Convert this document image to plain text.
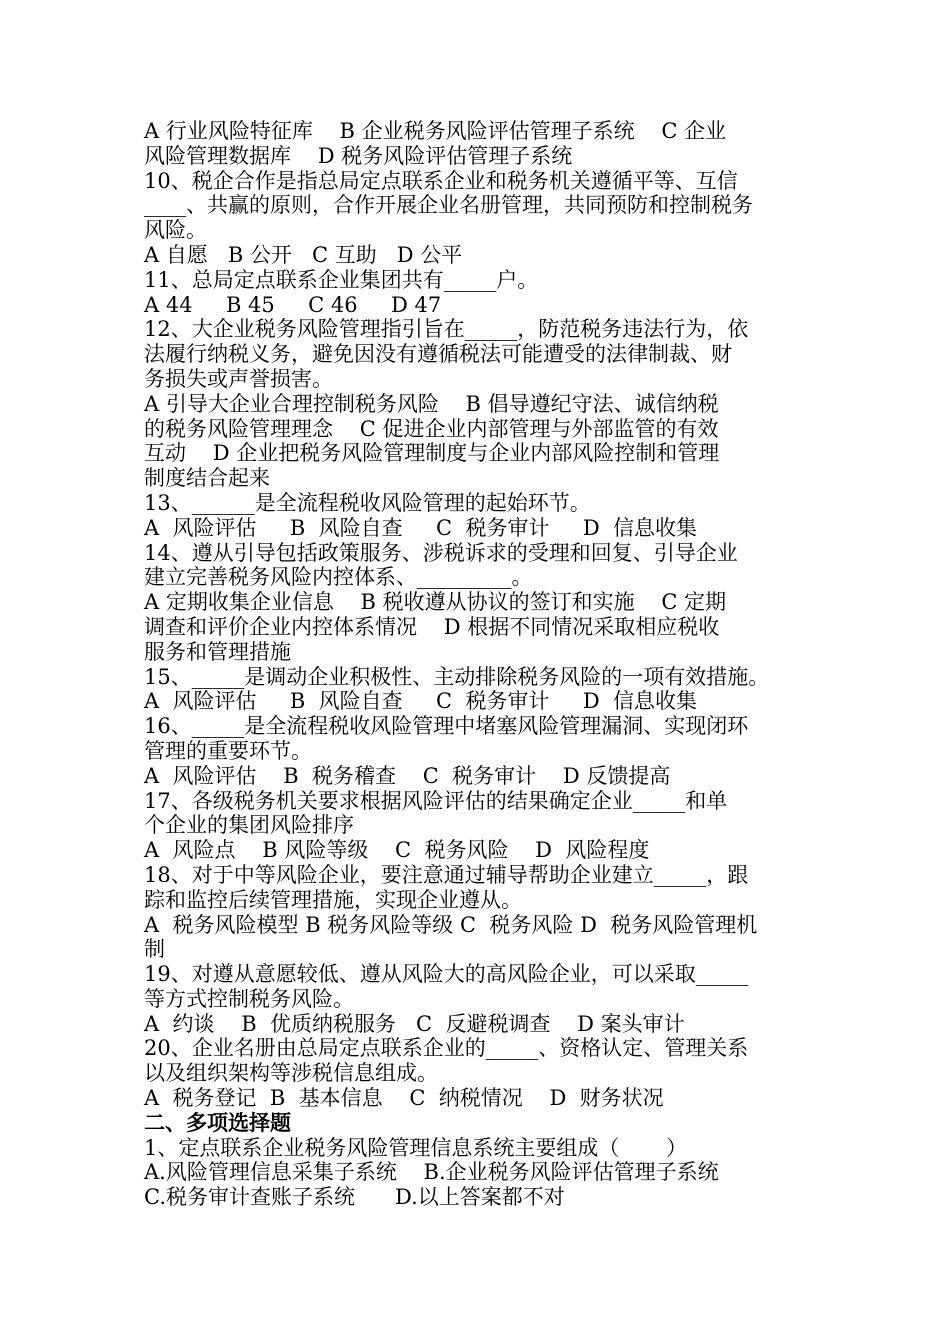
A 行业风险特征库    B 企业税务风险评估管理子系统    C 企业
风险管理数据库    D 税务风险评估管理子系统
10、税企合作是指总局定点联系企业和税务机关遵循平等、互信
____、共赢的原则，合作开展企业名册管理，共同预防和控制税务
风险。
A 自愿   B 公开   C 互助   D 公平
11、总局定点联系企业集团共有_____户。
A 44     B 45     C 46     D 47
12、大企业税务风险管理指引旨在_____，防范税务违法行为，依
法履行纳税义务，避免因没有遵循税法可能遭受的法律制裁、财
务损失或声誉损害。
A 引导大企业合理控制税务风险    B 倡导遵纪守法、诚信纳税
的税务风险管理理念    C 促进企业内部管理与外部监管的有效
互动    D 企业把税务风险管理制度与企业内部风险控制和管理
制度结合起来
13、______是全流程税收风险管理的起始环节。
A  风险评估     B  风险自查     C  税务审计     D  信息收集
14、遵从引导包括政策服务、涉税诉求的受理和回复、引导企业
建立完善税务风险内控体系、_________。
A 定期收集企业信息    B 税收遵从协议的签订和实施    C 定期
调查和评价企业内控体系情况    D 根据不同情况采取相应税收
服务和管理措施
15、_____是调动企业积极性、主动排除税务风险的一项有效措施。
A  风险评估     B  风险自查     C  税务审计     D  信息收集
16、_____是全流程税收风险管理中堵塞风险管理漏洞、实现闭环
管理的重要环节。
A  风险评估    B  税务稽查    C  税务审计    D 反馈提高
17、各级税务机关要求根据风险评估的结果确定企业_____和单
个企业的集团风险排序
A  风险点    B 风险等级    C  税务风险    D  风险程度
18、对于中等风险企业，要注意通过辅导帮助企业建立_____，跟
踪和监控后续管理措施，实现企业遵从。
A  税务风险模型 B 税务风险等级 C  税务风险 D  税务风险管理机
制
19、对遵从意愿较低、遵从风险大的高风险企业，可以采取_____
等方式控制税务风险。
A  约谈    B  优质纳税服务   C  反避税调查    D 案头审计
20、企业名册由总局定点联系企业的_____、资格认定、管理关系
以及组织架构等涉税信息组成。
A  税务登记  B  基本信息    C  纳税情况    D  财务状况
二、多项选择题
1、定点联系企业税务风险管理信息系统主要组成（       ）
A.风险管理信息采集子系统    B.企业税务风险评估管理子系统
C.税务审计查账子系统      D.以上答案都不对
